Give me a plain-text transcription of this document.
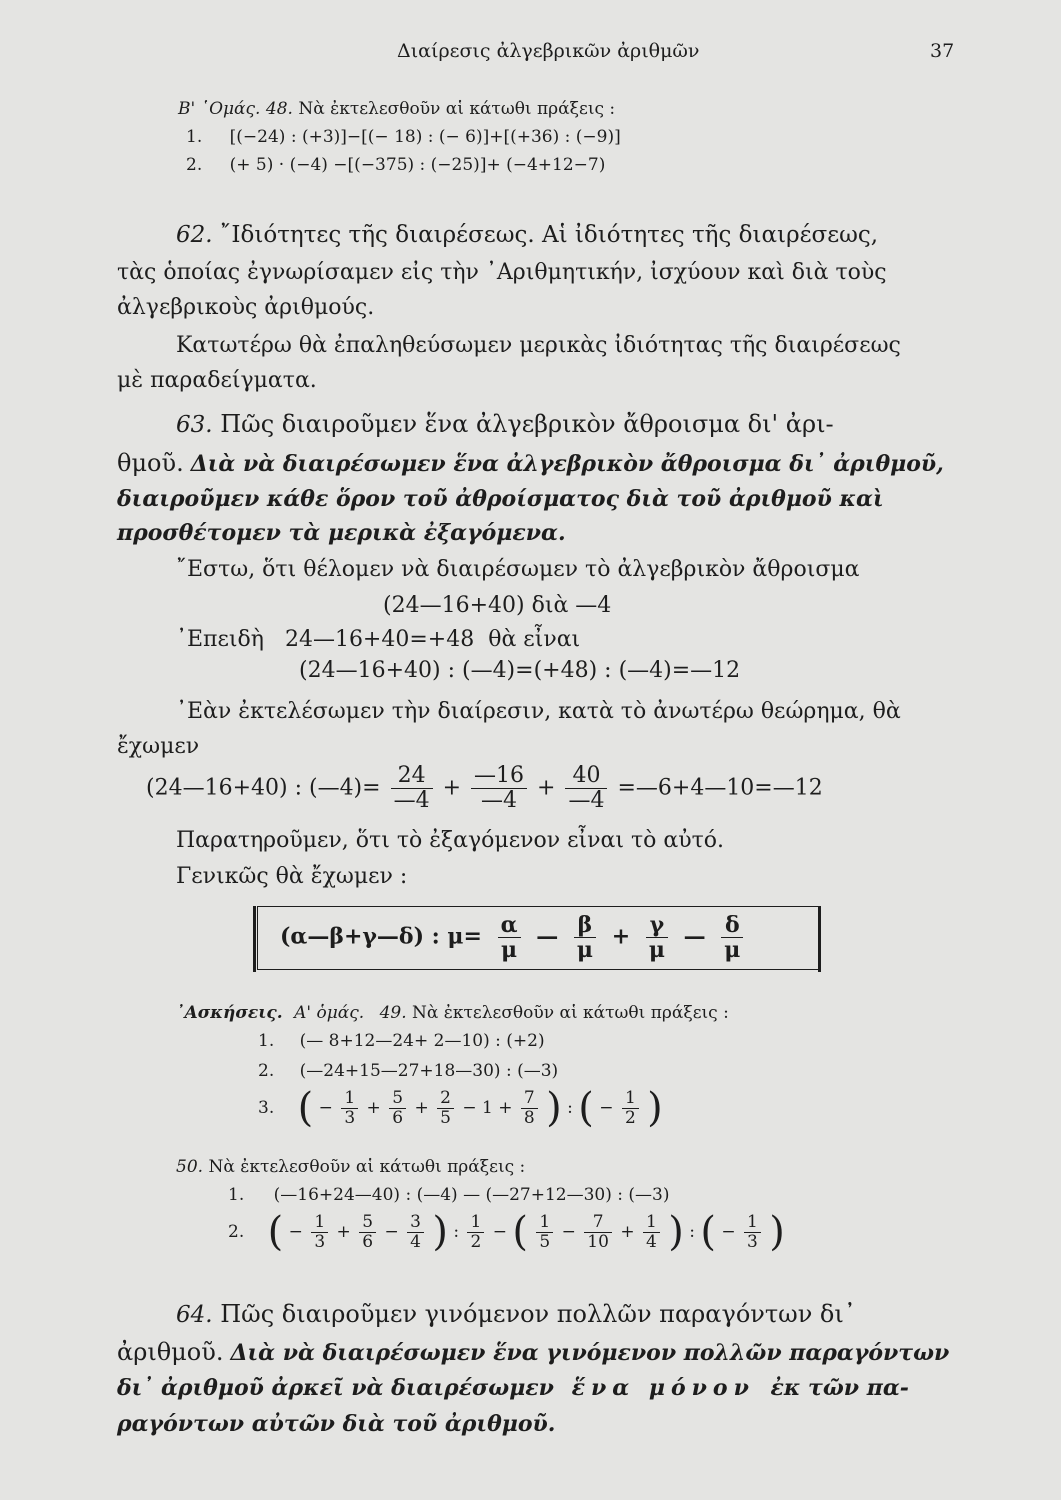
Διαίρεσις ἀλγεβρικῶν ἀριθμῶν	37
Β' ῾Ομάς. 48. Νὰ ἐκτελεσθοῦν αἱ κάτωθι πράξεις :
1. [(−24) : (+3)]−[(− 18) : (− 6)]+[(+36) : (−9)]
2. (+ 5) · (−4) −[(−375) : (−25)]+ (−4+12−7)
62. ῎Ιδιότητες τῆς διαιρέσεως. Αἱ ἰδιότητες τῆς διαιρέσεως,
τὰς ὁποίας ἐγνωρίσαμεν εἰς τὴν ᾽Αριθμητικήν, ἰσχύουν καὶ διὰ τοὺς
ἀλγεβρικοὺς ἀριθμούς.
Κατωτέρω θὰ ἐπαληθεύσωμεν μερικὰς ἰδιότητας τῆς διαιρέσεως
μὲ παραδείγματα.
63. Πῶς διαιροῦμεν ἕνα ἀλγεβρικὸν ἄθροισμα δι' ἀρι-
θμοῦ. Διὰ νὰ διαιρέσωμεν ἕνα ἀλγεβρικὸν ἄθροισμα δι᾽ ἀριθμοῦ,
διαιροῦμεν κάθε ὅρον τοῦ ἀθροίσματος διὰ τοῦ ἀριθμοῦ καὶ
προσθέτομεν τὰ μερικὰ ἐξαγόμενα.
῎Εστω, ὅτι θέλομεν νὰ διαιρέσωμεν τὸ ἀλγεβρικὸν ἄθροισμα
(24—16+40) διὰ —4
᾽Επειδὴ   24—16+40=+48  θὰ εἶναι
(24—16+40) : (—4)=(+48) : (—4)=—12
᾽Εὰν ἐκτελέσωμεν τὴν διαίρεσιν, κατὰ τὸ ἀνωτέρω θεώρημα, θὰ
ἔχωμεν
(24—16+40) : (—4)= $\frac{24}{—4} + \frac{—16}{—4} + \frac{40}{—4}$ =—6+4—10=—12
Παρατηροῦμεν, ὅτι τὸ ἐξαγόμενον εἶναι τὸ αὐτό.
Γενικῶς θὰ ἔχωμεν :
(α—β+γ—δ) : $\mu= \frac{\alpha}{\mu}$ — $\frac{\beta}{\mu} + \frac{\gamma}{\mu}$ — $\frac{\delta}{\mu}$
᾽Ασκήσεις. Α' ὁμάς. 49. Νὰ ἐκτελεσθοῦν αἱ κάτωθι πράξεις :
1. (— 8+12—24+ 2—10) : (+2)
2. (—24+15—27+18—30) : (—3)
3. ( − $\frac{1}{3} + \frac{5}{6} + \frac{2}{5} - 1 + \frac{7}{8}$ ) : ( − $\frac{1}{2}$ )
50. Νὰ ἐκτελεσθοῦν αἱ κάτωθι πράξεις :
1. (—16+24—40) : (—4) — (—27+12—30) : (—3)
2. ( − $\frac{1}{3} + \frac{5}{6} - \frac{3}{4}$ ) : $\frac{1}{2}$ − ( $\frac{1}{5} - \frac{7}{10} + \frac{1}{4}$ ) : ( − $\frac{1}{3}$ )
64. Πῶς διαιροῦμεν γινόμενον πολλῶν παραγόντων δι᾽
ἀριθμοῦ. Διὰ νὰ διαιρέσωμεν ἕνα γινόμενον πολλῶν παραγόντων
δι᾽ ἀριθμοῦ ἀρκεῖ νὰ διαιρέσωμεν ἕνα μόνον ἐκ τῶν πα-
ραγόντων αὐτῶν διὰ τοῦ ἀριθμοῦ.
